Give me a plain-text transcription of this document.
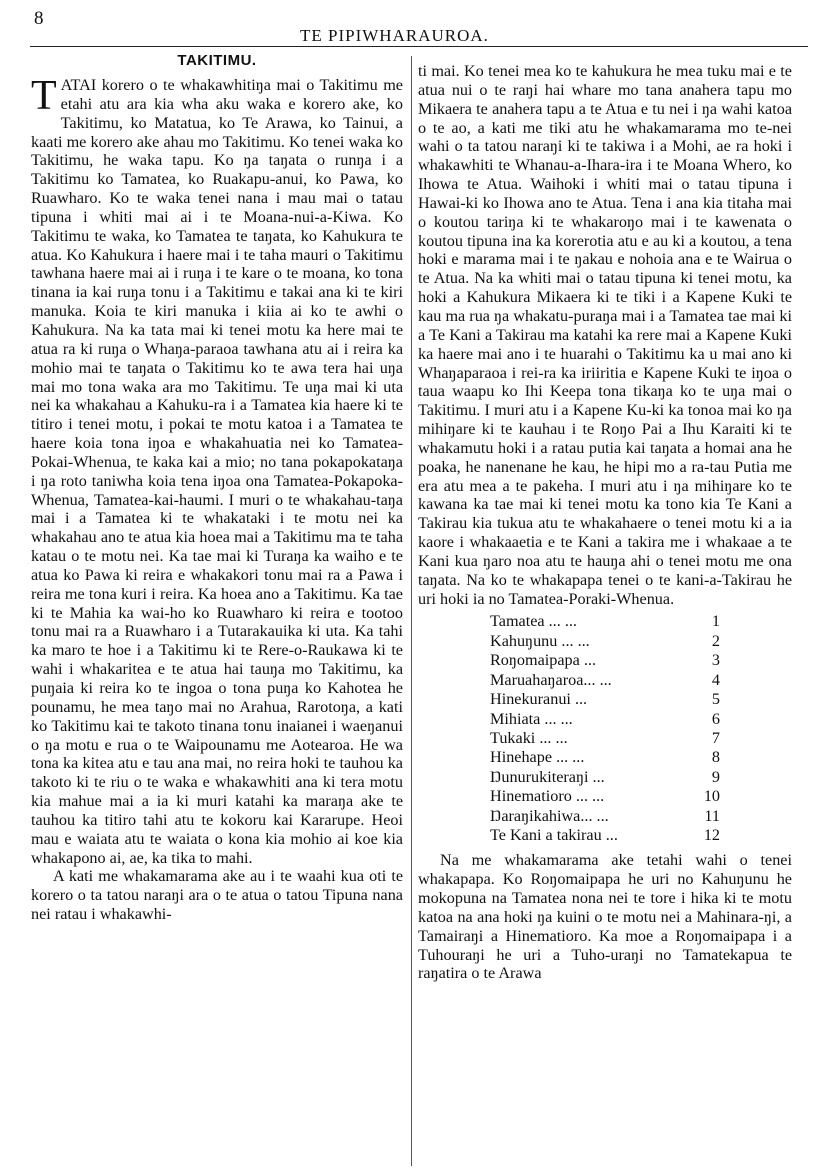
8
TE PIPIWHARAUROA.
TAKITIMU.

TATAI korero o te whakawhitiŋa mai o Takitimu me etahi atu ara kia wha aku waka e korero ake, ko Takitimu, ko Matatua, ko Te Arawa, ko Tainui, a kaati me korero ake ahau mo Takitimu. Ko tenei waka ko Takitimu, he waka tapu. Ko ŋa taŋata o runŋa i a Takitimu ko Tamatea, ko Ruakapu-anui, ko Pawa, ko Ruawharo. Ko te waka tenei nana i mau mai o tatau tipuna i whiti mai ai i te Moana-nui-a-Kiwa. Ko Takitimu te waka, ko Tamatea te taŋata, ko Kahukura te atua. Ko Kahukura i haere mai i te taha mauri o Takitimu tawhana haere mai ai i ruŋa i te kare o te moana, ko tona tinana ia kai ruŋa tonu i a Takitimu e takai ana ki te kiri manuka. Koia te kiri manuka i kiia ai ko te awhi o Kahukura. Na ka tata mai ki tenei motu ka here mai te atua ra ki ruŋa o Whaŋa-paraoa tawhana atu ai i reira ka mohio mai te taŋata o Takitimu ko te awa tera hai uŋa mai mo tona waka ara mo Takitimu. Te uŋa mai ki uta nei ka whakahau a Kahuku-ra i a Tamatea kia haere ki te titiro i tenei motu, i pokai te motu katoa i a Tamatea te haere koia tona iŋoa e whakahuatia nei ko Tamatea-Pokai-Whenua, te kaka kai a mio; no tana pokapokataŋa i ŋa roto taniwha koia tena iŋoa ona Tamatea-Pokapoka-Whenua, Tamatea-kai-haumi. I muri o te whakahau-taŋa mai i a Tamatea ki te whakataki i te motu nei ka whakahau ano te atua kia hoea mai a Takitimu ma te taha katau o te motu nei. Ka tae mai ki Turaŋa ka waiho e te atua ko Pawa ki reira e whakakori tonu mai ra a Pawa i reira me tona kuri i reira. Ka hoea ano a Takitimu. Ka tae ki te Mahia ka wai-ho ko Ruawharo ki reira e tootoo tonu mai ra a Ruawharo i a Tutarakauika ki uta. Ka tahi ka maro te hoe i a Takitimu ki te Rere-o-Raukawa ki te wahi i whakaritea e te atua hai tauŋa mo Takitimu, ka puŋaia ki reira ko te ingoa o tona puŋa ko Kahotea he pounamu, he mea taŋo mai no Arahua, Rarotoŋa, a kati ko Takitimu kai te takoto tinana tonu inaianei i waeŋanui o ŋa motu e rua o te Waipounamu me Aotearoa. He wa tona ka kitea atu e tau ana mai, no reira hoki te tauhou ka takoto ki te riu o te waka e whakawhiti ana ki tera motu kia mahue mai a ia ki muri katahi ka maraŋa ake te tauhou ka titiro tahi atu te kokoru kai Kararupe. Heoi mau e waiata atu te waiata o kona kia mohio ai koe kia whakapono ai, ae, ka tika to mahi.

A kati me whakamarama ake au i te waahi kua oti te korero o ta tatou naraŋi ara o te atua o tatou Tipuna nana nei ratau i whakawhi-

ti mai. Ko tenei mea ko te kahukura he mea tuku mai e te atua nui o te raŋi hai whare mo tana anahera tapu mo Mikaera te anahera tapu a te Atua e tu nei i ŋa wahi katoa o te ao, a kati me tiki atu he whakamarama mo te-nei wahi o ta tatou naraŋi ki te takiwa i a Mohi, ae ra hoki i whakawhiti te Whanau-a-Ihara-ira i te Moana Whero, ko Ihowa te Atua. Waihoki i whiti mai o tatau tipuna i Hawai-ki ko Ihowa ano te Atua. Tena i ana kia titaha mai o koutou tariŋa ki te whakaroŋo mai i te kawenata o koutou tipuna ina ka korerotia atu e au ki a koutou, a tena hoki e marama mai i te ŋakau e nohoia ana e te Wairua o te Atua. Na ka whiti mai o tatau tipuna ki tenei motu, ka hoki a Kahukura Mikaera ki te tiki i a Kapene Kuki te kau ma rua ŋa whakatu-puraŋa mai i a Tamatea tae mai ki a Te Kani a Takirau ma katahi ka rere mai a Kapene Kuki ka haere mai ano i te huarahi o Takitimu ka u mai ano ki Whaŋaparaoa i rei-ra ka iriiritia e Kapene Kuki te iŋoa o taua waapu ko Ihi Keepa tona tikaŋa ko te uŋa mai o Takitimu. I muri atu i a Kapene Ku-ki ka tonoa mai ko ŋa mihiŋare ki te kauhau i te Roŋo Pai a Ihu Karaiti ki te whakamutu hoki i a ratau putia kai taŋata a homai ana he poaka, he nanenane he kau, he hipi mo a ra-tau Putia me era atu mea a te pakeha. I muri atu i ŋa mihiŋare ko te kawana ka tae mai ki tenei motu ka tono kia Te Kani a Takirau kia tukua atu te whakahaere o tenei motu ki a ia kaore i whakaaetia e te Kani a takira me i whakaae a te Kani kua ŋaro noa atu te hauŋa ahi o tenei motu me ona taŋata. Na ko te whakapapa tenei o te kani-a-Takirau he uri hoki ia no Tamatea-Poraki-Whenua.

Tamatea ... ...	1
Kahuŋunu ... ...	2
Roŋomaipapa ...	3
Maruahaŋaroa... ...	4
Hinekuranui ...	5
Mihiata ... ...	6
Tukaki ... ...	7
Hinehape ... ...	8
Ŋunurukiteraŋi ...	9
Hinematioro ... ...	10
Ŋaraŋikahiwa... ...	11
Te Kani a takirau ...	12

Na me whakamarama ake tetahi wahi o tenei whakapapa. Ko Roŋomaipapa he uri no Kahuŋunu he mokopuna na Tamatea nona nei te tore i hika ki te motu katoa na ana hoki ŋa kuini o te motu nei a Mahinara-ŋi, a Tamairaŋi a Hinematioro. Ka moe a Roŋomaipapa i a Tuhouraŋi he uri a Tuho-uraŋi no Tamatekapua te raŋatira o te Arawa
